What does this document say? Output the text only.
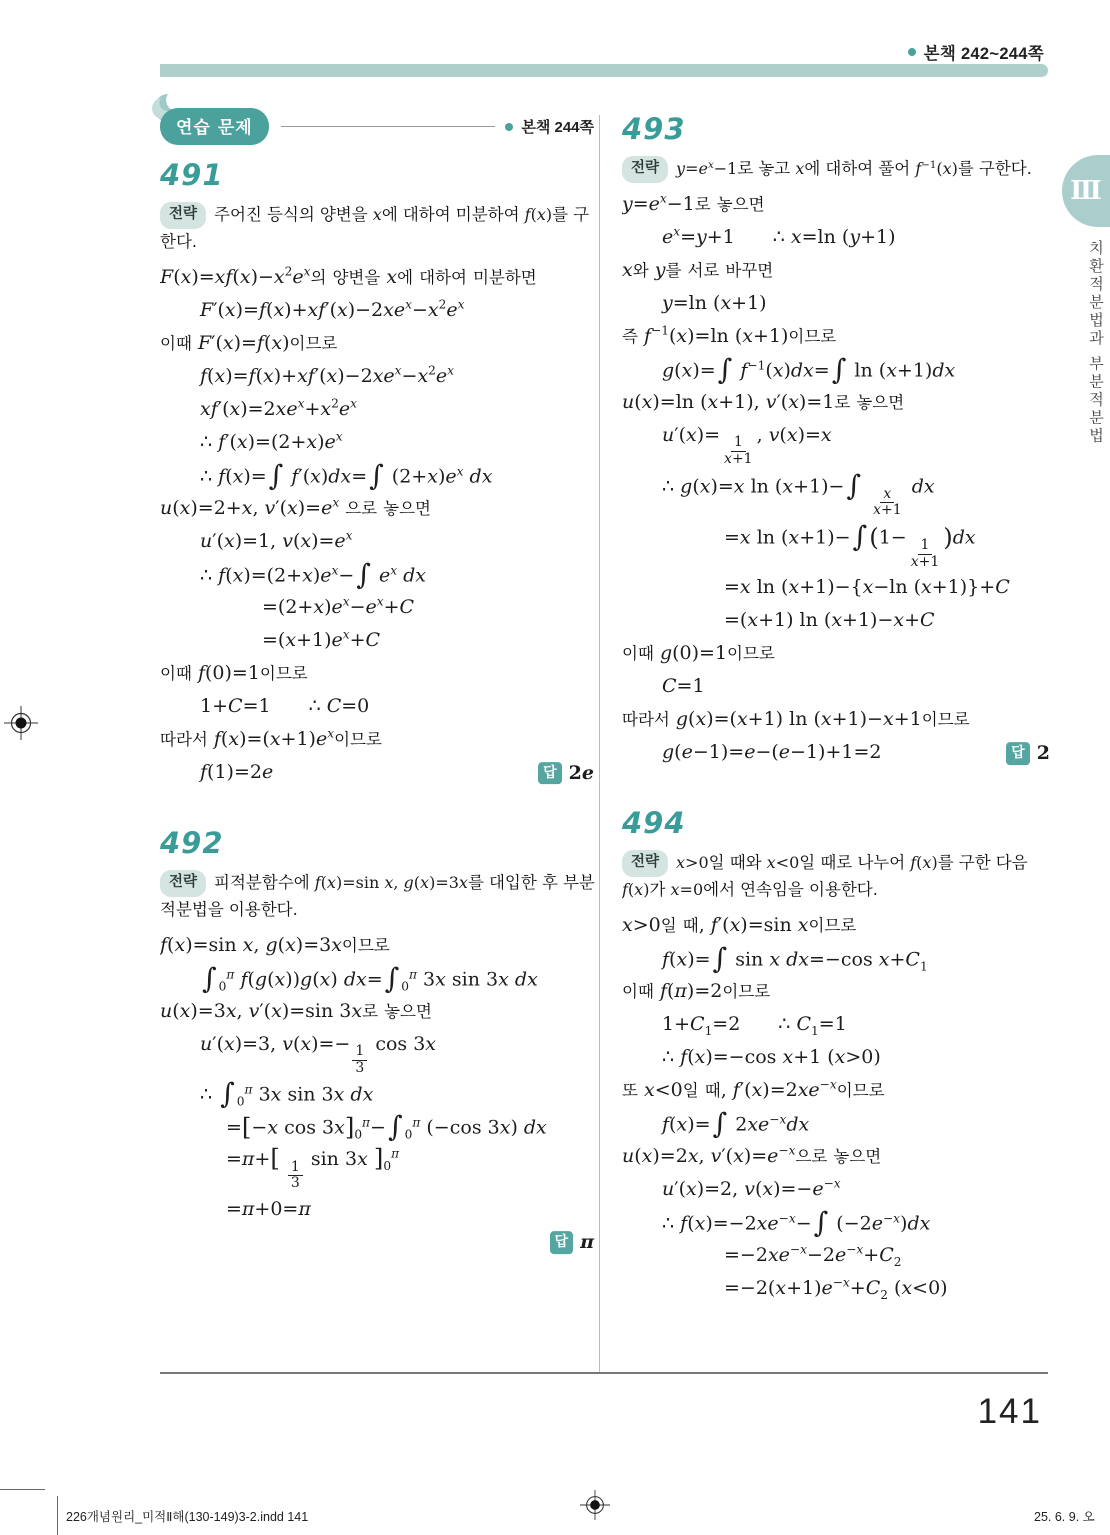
본책 242~244쪽
연습 문제	본책 244쪽
491
전략 주어진 등식의 양변을 x에 대하여 미분하여 f(x)를 구한다.
$F(x)=xf(x)-x^2e^x$의 양변을 x에 대하여 미분하면
$F'(x)=f(x)+xf'(x)-2xe^x-x^2e^x$
이때 F′(x)=f(x)이므로
$f(x)=f(x)+xf'(x)-2xe^x-x^2e^x$
$xf'(x)=2xe^x+x^2e^x$
∴ $f'(x)=(2+x)e^x$
∴ f(x)=∫ f′(x)dx=∫ $(2+x)e^x$ dx
u(x)=2+x, $v'(x)=e^x$ 으로 놓으면
u′(x)=1, $v(x)=e^x$
∴ $f(x)=(2+x)e^x-\int$ $e^x$ dx
$=(2+x)e^x-e^x+C$
$=(x+1)e^x+C$
이때 f(0)=1이므로
1+C=1  ∴ C=0
따라서 $f(x)=(x+1)e^x$이므로
f(1)=2e	답 2e
492
전략 피적분함수에 f(x)=sin x, g(x)=3x를 대입한 후 부분적분법을 이용한다.
f(x)=sin x, g(x)=3x이므로
∫ $_0^\pi$ f(g(x))g(x) dx=∫ $_0^\pi$ 3x sin 3x dx
u(x)=3x, v′(x)=sin 3x로 놓으면
u′(x)=3, v(x)=−
$\frac{1}{3}$
cos 3x
∴ ∫ $_0^\pi$ 3x sin 3x dx
=[−x $\cos 3x]_0^\pi-\int$ $_0^\pi$ (−cos 3x) dx
=π+[
$\frac{1}{3}$
sin 3x ]$_0^\pi$
=π+0=π
답 π
493
전략 $y=e^x-1$로 놓고 x에 대하여 풀어 $f^{-1}(x)$를 구한다.
$y=e^x-1$로 놓으면
$e^x=y+1$  ∴ x=ln (y+1)
x와 y를 서로 바꾸면
y=ln (x+1)
즉 $f^{-1}(x)=\ln$ (x+1)이므로
g(x)=∫ $f^{-1}(x)dx=\int$ ln (x+1)dx
u(x)=ln (x+1), v′(x)=1로 놓으면
u′(x)=
$\frac{1}{x+1}$
, v(x)=x
∴ g(x)=x ln (x+1)−∫
$\frac{x}{x+1}$
dx
=x ln (x+1)−∫(1−
$\frac{1}{x+1}$
)dx
=x ln (x+1)−{x−ln (x+1)}+C
=(x+1) ln (x+1)−x+C
이때 g(0)=1이므로
C=1
따라서 g(x)=(x+1) ln (x+1)−x+1이므로
g(e−1)=e−(e−1)+1=2	답 2
494
전략 x>0일 때와 x<0일 때로 나누어 f(x)를 구한 다음 f(x)가 x=0에서 연속임을 이용한다.
x>0일 때, f′(x)=sin x이므로
f(x)=∫ sin x dx=−cos $x+C_1$
이때 f(π)=2이므로
$1+C_1=2$  ∴ $C_1=1$
∴ f(x)=−cos x+1 (x>0)
또 x<0일 때, $f'(x)=2xe^{-x}$이므로
f(x)=∫ $2xe^{-x}dx$
u(x)=2x, $v'(x)=e^{-x}$으로 놓으면
u′(x)=2, $v(x)=-e^{-x}$
∴ $f(x)=-2xe^{-x}-\int$ $(-2e^{-x})dx$
$=-2xe^{-x}-2e^{-x}+C_2$
$=-2(x+1)e^{-x}+C_2$ (x<0)
Ⅲ
치환적분법과 부분적분법
141
226개념원리_미적Ⅱ해(130-149)3-2.indd 141	25. 6. 9. 오
